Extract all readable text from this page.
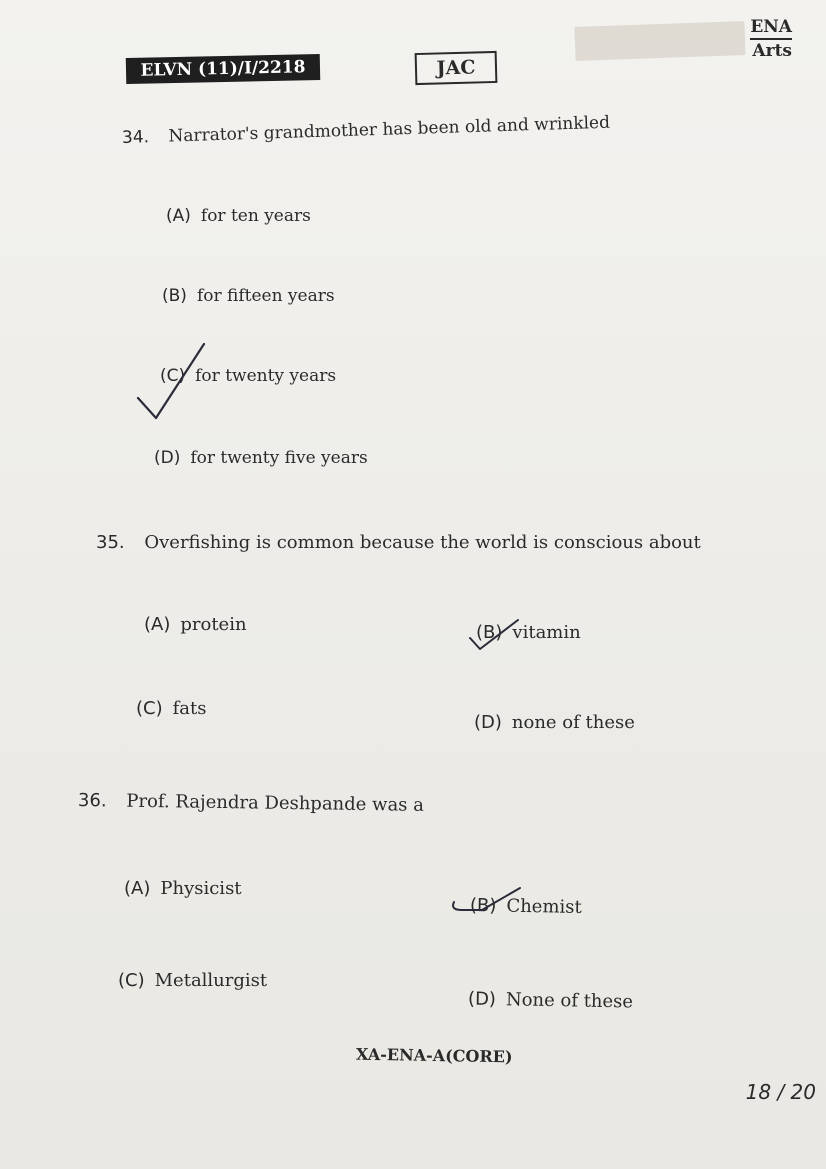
ELVN (11)/I/2218	JAC
ENA
Arts
34. Narrator's grandmother has been old and wrinkled
(A) for ten years
(B) for fifteen years
(C) for twenty years
(D) for twenty five years
35. Overfishing is common because the world is conscious about
(A) protein	(B) vitamin
(C) fats
(D) none of these
36. Prof. Rajendra Deshpande was a
(A) Physicist
(B) Chemist
(C) Metallurgist
(D) None of these
XA-ENA-A(CORE)
18 / 20
